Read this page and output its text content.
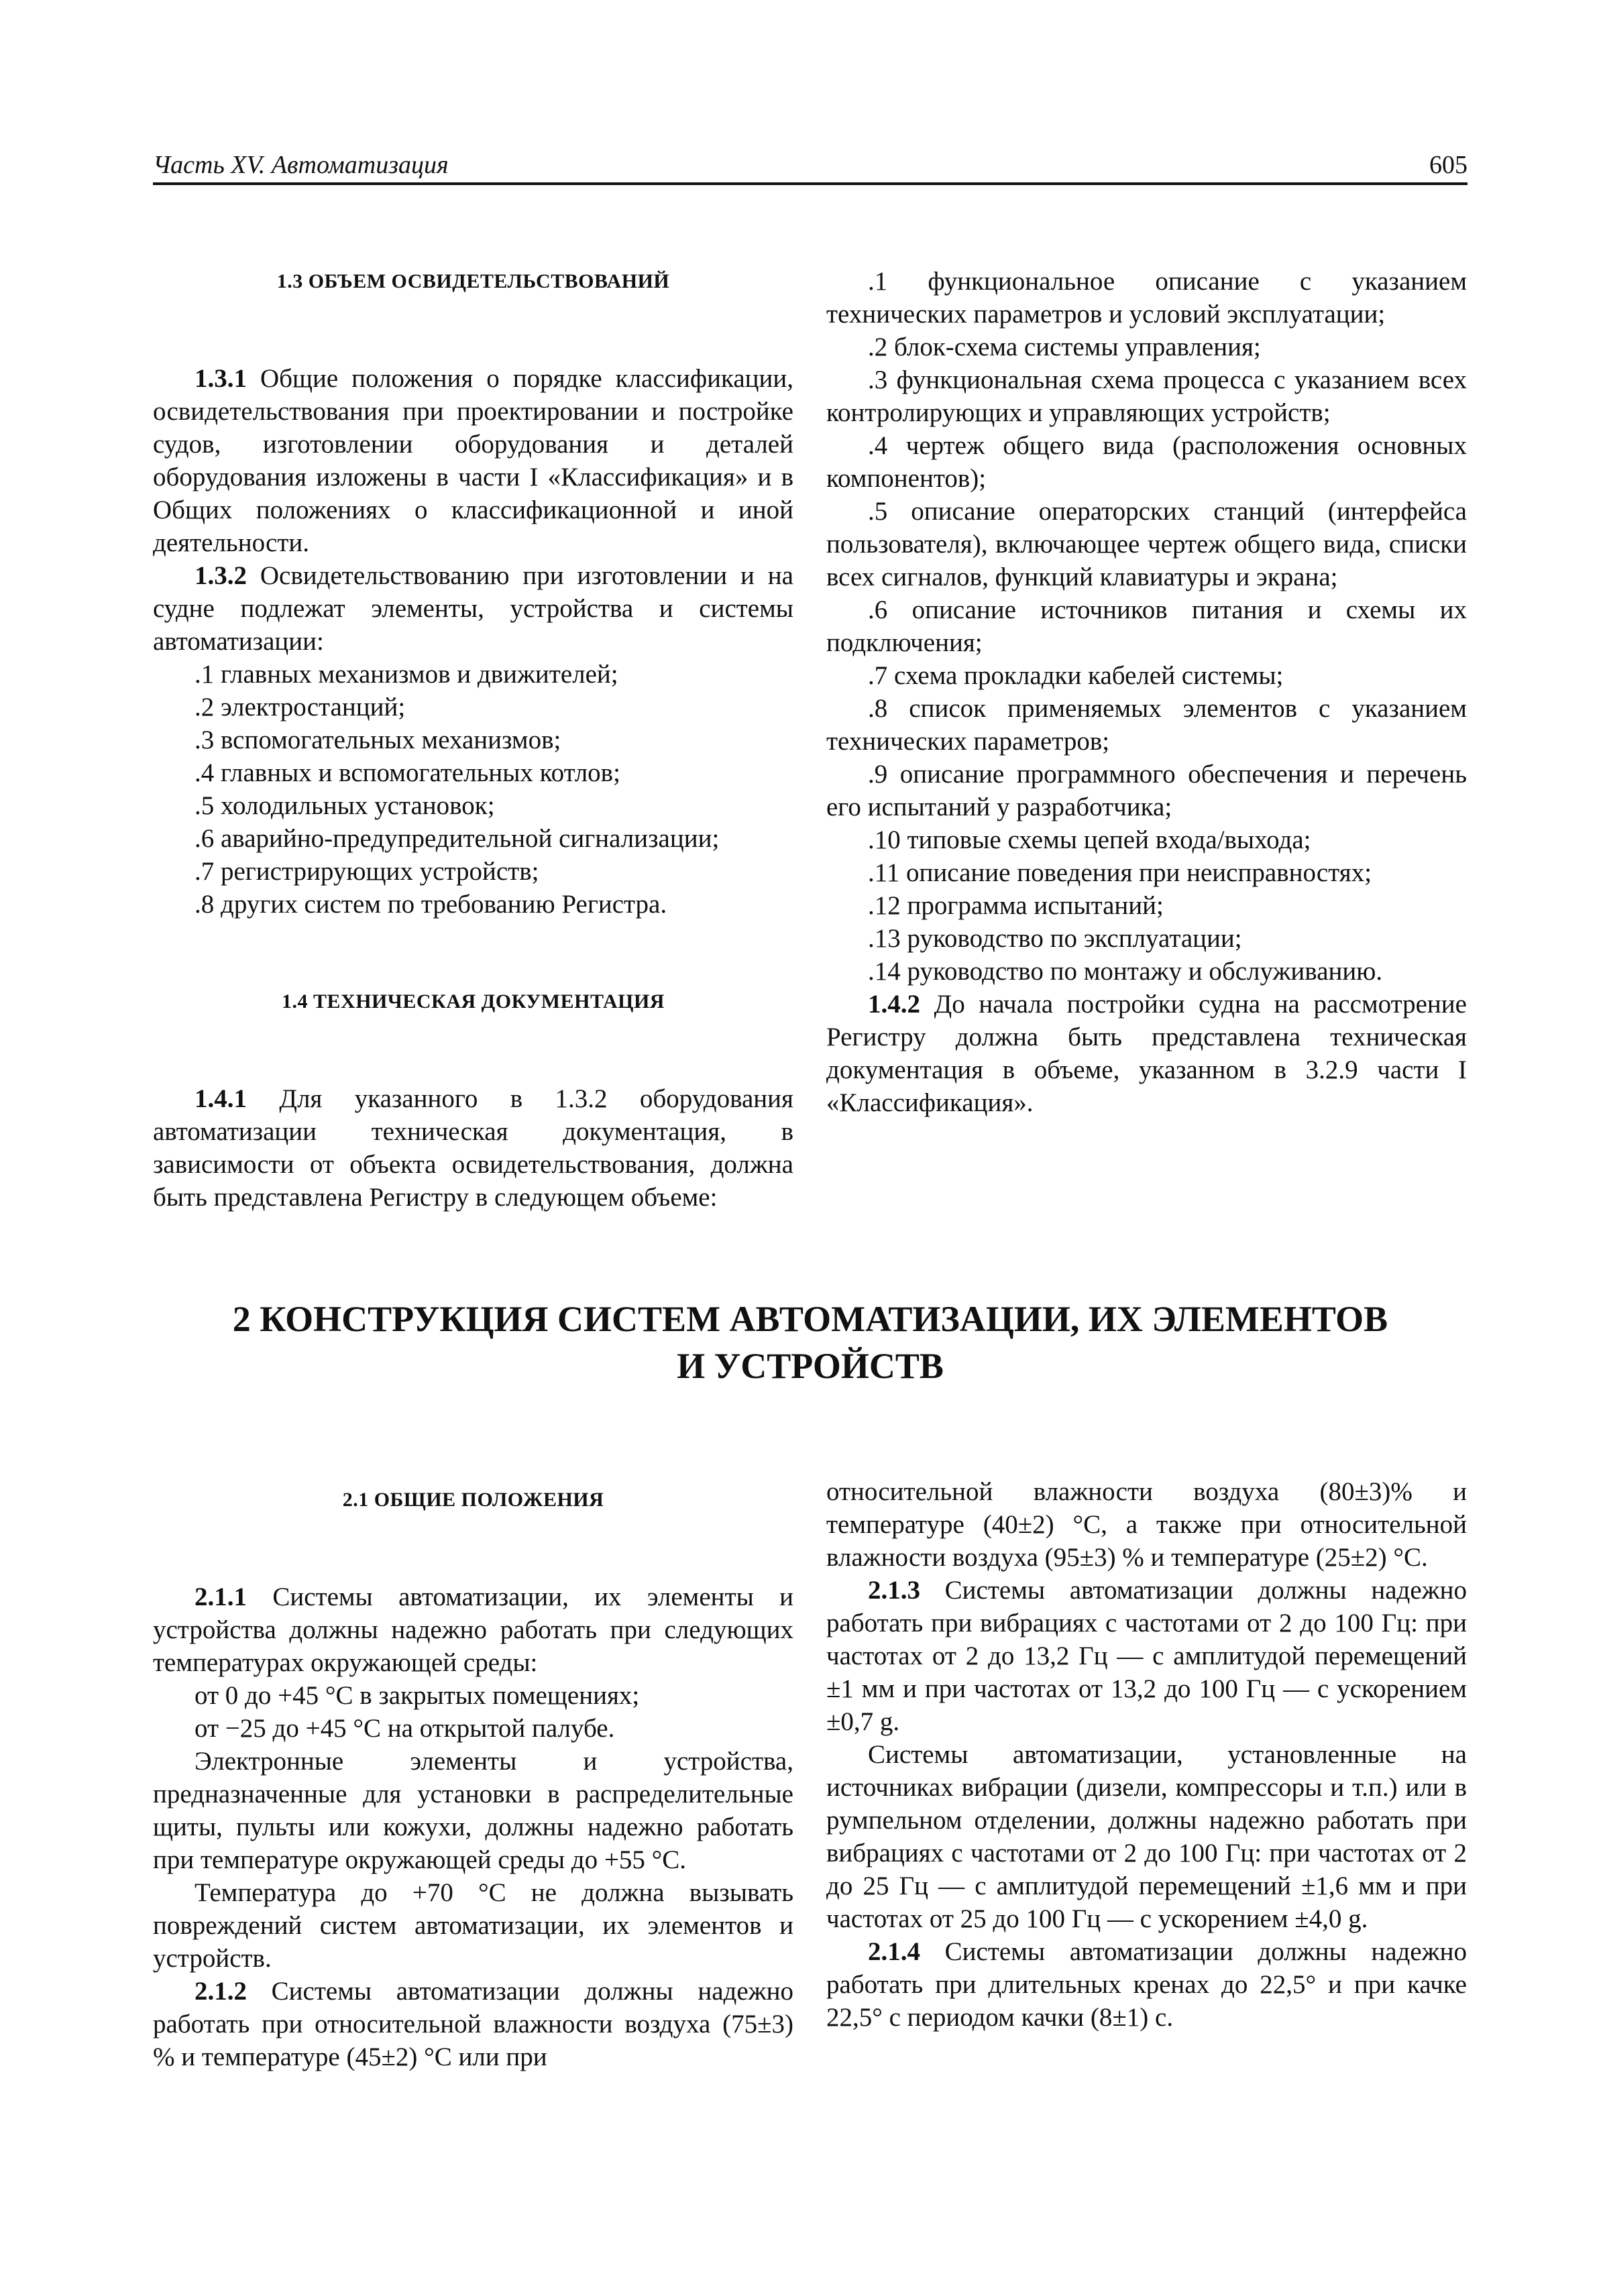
Часть XV. Автоматизация	605
1.3 ОБЪЕМ ОСВИДЕТЕЛЬСТВОВАНИЙ

1.3.1 Общие положения о порядке классификации, освидетельствования при проектировании и постройке судов, изготовлении оборудования и деталей оборудования изложены в части I «Классификация» и в Общих положениях о классификационной и иной деятельности.

1.3.2 Освидетельствованию при изготовлении и на судне подлежат элементы, устройства и системы автоматизации:

.1 главных механизмов и движителей;

.2 электростанций;

.3 вспомогательных механизмов;

.4 главных и вспомогательных котлов;

.5 холодильных установок;

.6 аварийно-предупредительной сигнализации;

.7 регистрирующих устройств;

.8 других систем по требованию Регистра.

1.4 ТЕХНИЧЕСКАЯ ДОКУМЕНТАЦИЯ

1.4.1 Для указанного в 1.3.2 оборудования автоматизации техническая документация, в зависимости от объекта освидетельствования, должна быть представлена Регистру в следующем объеме:

.1 функциональное описание с указанием технических параметров и условий эксплуатации;

.2 блок-схема системы управления;

.3 функциональная схема процесса с указанием всех контролирующих и управляющих устройств;

.4 чертеж общего вида (расположения основных компонентов);

.5 описание операторских станций (интерфейса пользователя), включающее чертеж общего вида, списки всех сигналов, функций клавиатуры и экрана;

.6 описание источников питания и схемы их подключения;

.7 схема прокладки кабелей системы;

.8 список применяемых элементов с указанием технических параметров;

.9 описание программного обеспечения и перечень его испытаний у разработчика;

.10 типовые схемы цепей входа/выхода;

.11 описание поведения при неисправностях;

.12 программа испытаний;

.13 руководство по эксплуатации;

.14 руководство по монтажу и обслуживанию.

1.4.2 До начала постройки судна на рассмотрение Регистру должна быть представлена техническая документация в объеме, указанном в 3.2.9 части I «Классификация».

2 КОНСТРУКЦИЯ СИСТЕМ АВТОМАТИЗАЦИИ, ИХ ЭЛЕМЕНТОВ
И УСТРОЙСТВ
2.1 ОБЩИЕ ПОЛОЖЕНИЯ

2.1.1 Системы автоматизации, их элементы и устройства должны надежно работать при следующих температурах окружающей среды:

от 0 до +45 °С в закрытых помещениях;

от −25 до +45 °С на открытой палубе.

Электронные элементы и устройства, предназначенные для установки в распределительные щиты, пульты или кожухи, должны надежно работать при температуре окружающей среды до +55 °С.

Температура до +70 °С не должна вызывать повреждений систем автоматизации, их элементов и устройств.

2.1.2 Системы автоматизации должны надежно работать при относительной влажности воздуха (75±3) % и температуре (45±2) °С или при

относительной влажности воздуха (80±3)% и температуре (40±2) °С, а также при относительной влажности воздуха (95±3) % и температуре (25±2) °С.

2.1.3 Системы автоматизации должны надежно работать при вибрациях с частотами от 2 до 100 Гц: при частотах от 2 до 13,2 Гц — с амплитудой перемещений ±1 мм и при частотах от 13,2 до 100 Гц — с ускорением ±0,7 g.

Системы автоматизации, установленные на источниках вибрации (дизели, компрессоры и т.п.) или в румпельном отделении, должны надежно работать при вибрациях с частотами от 2 до 100 Гц: при частотах от 2 до 25 Гц — с амплитудой перемещений ±1,6 мм и при частотах от 25 до 100 Гц — с ускорением ±4,0 g.

2.1.4 Системы автоматизации должны надежно работать при длительных кренах до 22,5° и при качке 22,5° с периодом качки (8±1) с.
